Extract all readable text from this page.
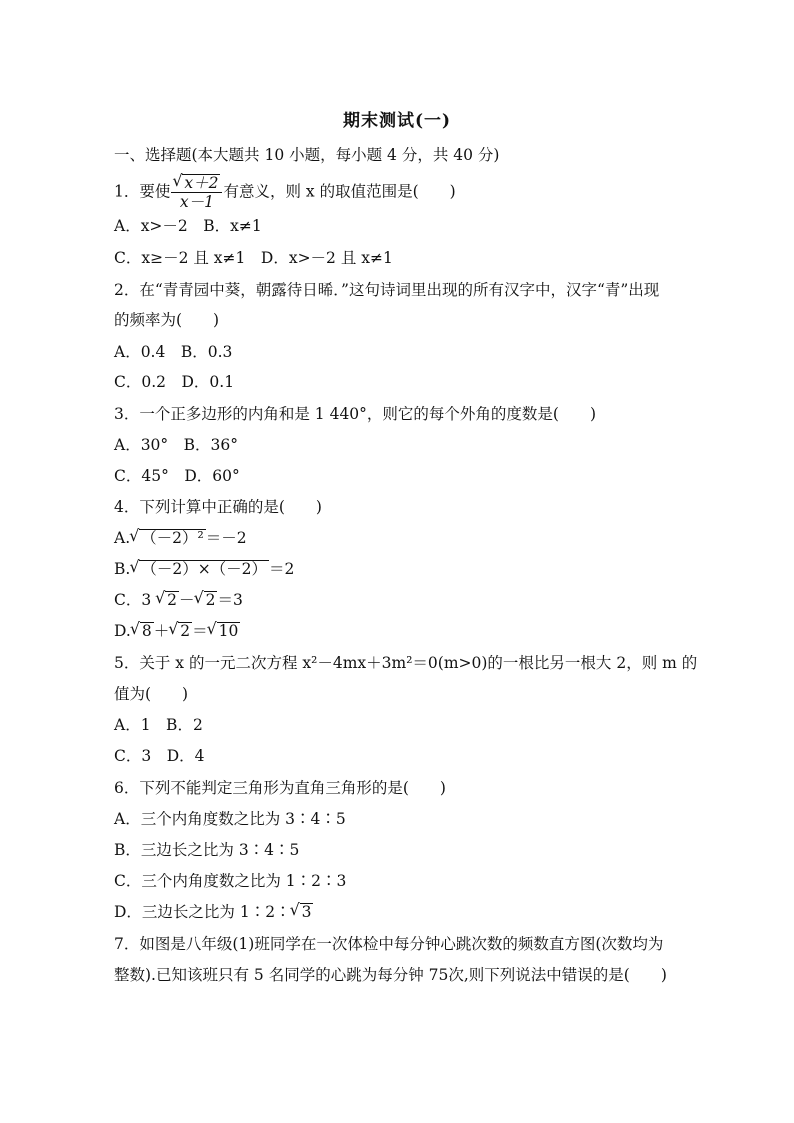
期末测试(一)
一、选择题(本大题共 10 小题，每小题 4 分，共 40 分)
1．要使 √ $\frac{x+2}{x-1}$ 有意义，则 x 的取值范围是(　　)
A．x>－2　B．x≠1
C．x≥－2 且 x≠1　D．x>－2 且 x≠1
2．在“青青园中葵，朝露待日晞．”这句诗词里出现的所有汉字中，汉字“青”出现
的频率为(　　)
A．0.4　B．0.3
C．0.2　D．0.1
3．一个正多边形的内角和是 1 440°，则它的每个外角的度数是(　　)
A．30°　B．36°
C．45°　D．60°
4．下列计算中正确的是(　　)
A. √ （－2）² ＝－2
B. √ （－2）×（－2） ＝2
C．3 √ 2 － √ 2 ＝3
D. √ 8 ＋ √ 2 ＝ √ 10
5．关于 x 的一元二次方程 x²－4mx＋3m²＝0(m>0)的一根比另一根大 2，则 m 的
值为(　　)
A．1　B．2
C．3　D．4
6．下列不能判定三角形为直角三角形的是(　　)
A．三个内角度数之比为 3∶4∶5
B．三边长之比为 3∶4∶5
C．三个内角度数之比为 1∶2∶3
D．三边长之比为 1∶2∶ √ 3
7．如图是八年级(1)班同学在一次体检中每分钟心跳次数的频数直方图(次数均为
整数).已知该班只有 5 名同学的心跳为每分钟 75次,则下列说法中错误的是(　　)
